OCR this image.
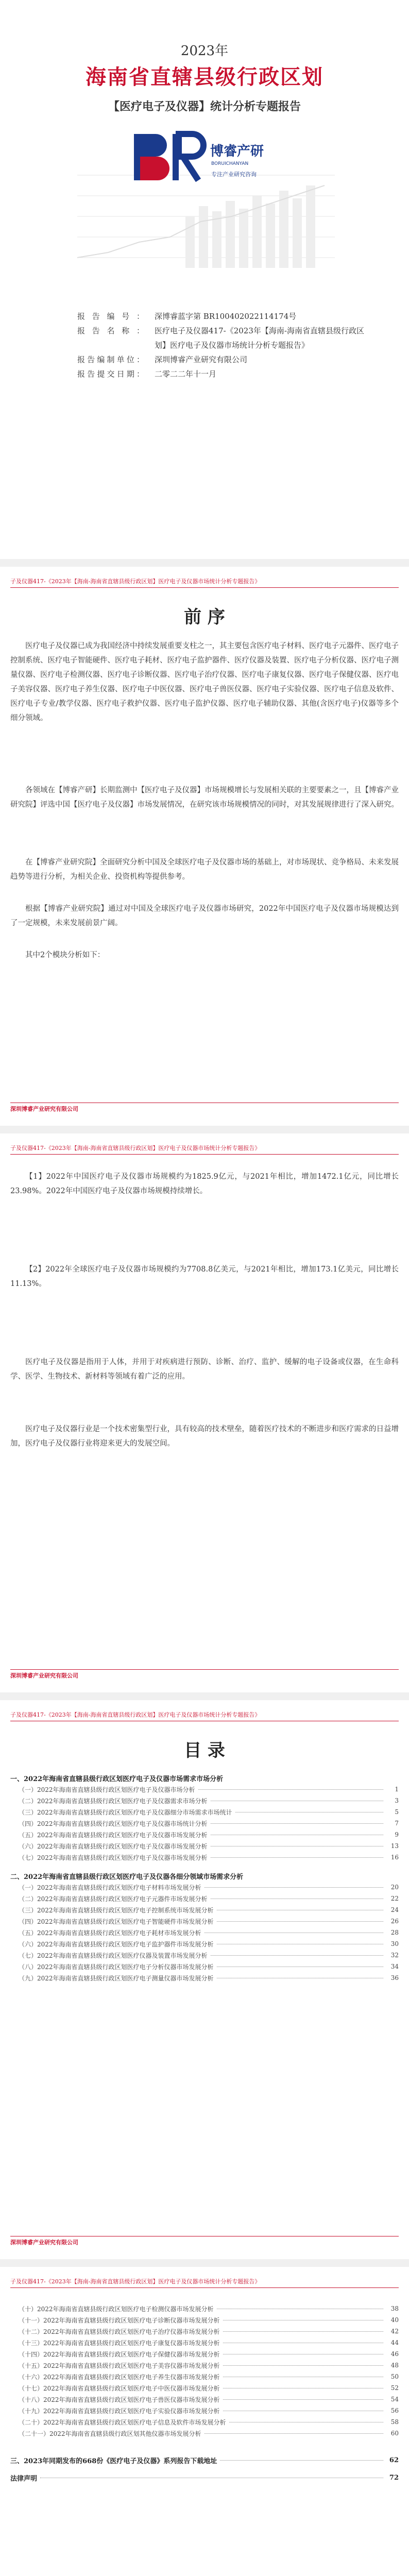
2023年
海南省直辖县级行政区划
【医疗电子及仪器】统计分析专题报告
博睿产研
BORUICHANYAN
专注产业研究咨询
报告编号： 深博睿蓝字第 BR100402022114174号
报告名称： 医疗电子及仪器417-《2023年【海南-海南省直辖县级行政区划】医疗电子及仪器市场统计分析专题报告》
报告编制单位： 深圳博睿产业研究有限公司
报告提交日期： 二零二二年十一月
子及仪器417-《2023年【海南-海南省直辖县级行政区划】医疗电子及仪器市场统计分析专题报告》
前 序
医疗电子及仪器已成为我国经济中持续发展重要支柱之一，其主要包含医疗电子材料、医疗电子元器件、医疗电子控制系统、医疗电子智能硬件、医疗电子耗材、医疗电子监护器件、医疗仪器及装置、医疗电子分析仪器、医疗电子测量仪器、医疗电子检测仪器、医疗电子诊断仪器、医疗电子治疗仪器、医疗电子康复仪器、医疗电子保健仪器、医疗电子美容仪器、医疗电子养生仪器、医疗电子中医仪器、医疗电子兽医仪器、医疗电子实验仪器、医疗电子信息及软件、医疗电子专业/教学仪器、医疗电子救护仪器、医疗电子监护仪器、医疗电子辅助仪器、其他(含医疗电子)仪器等多个细分领域。
各领域在【博睿产研】长期监测中【医疗电子及仪器】市场规模增长与发展相关联的主要要素之一，且【博睿产业研究院】评选中国【医疗电子及仪器】市场发展情况，在研究该市场规模情况的同时，对其发展规律进行了深入研究。
在【博睿产业研究院】全面研究分析中国及全球医疗电子及仪器市场的基础上，对市场现状、竞争格局、未来发展趋势等进行分析，为相关企业、投资机构等提供参考。
根据【博睿产业研究院】通过对中国及全球医疗电子及仪器市场研究，2022年中国医疗电子及仪器市场规模达到了一定规模，未来发展前景广阔。
其中2个模块分析如下：
深圳博睿产业研究有限公司
子及仪器417-《2023年【海南-海南省直辖县级行政区划】医疗电子及仪器市场统计分析专题报告》
【1】2022年中国医疗电子及仪器市场规模约为1825.9亿元，与2021年相比，增加1472.1亿元，同比增长23.98%。2022年中国医疗电子及仪器市场规模持续增长。
【2】2022年全球医疗电子及仪器市场规模约为7708.8亿美元，与2021年相比，增加173.1亿美元，同比增长11.13%。
医疗电子及仪器是指用于人体，并用于对疾病进行预防、诊断、治疗、监护、缓解的电子设备或仪器，在生命科学、医学、生物技术、新材料等领域有着广泛的应用。
医疗电子及仪器行业是一个技术密集型行业，具有较高的技术壁垒，随着医疗技术的不断进步和医疗需求的日益增加，医疗电子及仪器行业将迎来更大的发展空间。
深圳博睿产业研究有限公司
子及仪器417-《2023年【海南-海南省直辖县级行政区划】医疗电子及仪器市场统计分析专题报告》
目 录
一、2022年海南省直辖县级行政区划医疗电子及仪器市场需求市场分析
（一）2022年海南省直辖县级行政区划医疗电子及仪器市场分析	1
（二）2022年海南省直辖县级行政区划医疗电子及仪器需求市场分析	3
（三）2022年海南省直辖县级行政区划医疗电子及仪器细分市场需求市场统计	5
（四）2022年海南省直辖县级行政区划医疗电子及仪器市场统计分析	7
（五）2022年海南省直辖县级行政区划医疗电子及仪器市场发展分析	9
（六）2022年海南省直辖县级行政区划医疗电子及仪器市场发展分析	13
（七）2022年海南省直辖县级行政区划医疗电子及仪器市场发展分析	16
二、2022年海南省直辖县级行政区划医疗电子及仪器各细分领域市场需求分析
（一）2022年海南省直辖县级行政区划医疗电子材料市场发展分析	20
（二）2022年海南省直辖县级行政区划医疗电子元器件市场发展分析	22
（三）2022年海南省直辖县级行政区划医疗电子控制系统市场发展分析	24
（四）2022年海南省直辖县级行政区划医疗电子智能硬件市场发展分析	26
（五）2022年海南省直辖县级行政区划医疗电子耗材市场发展分析	28
（六）2022年海南省直辖县级行政区划医疗电子监护器件市场发展分析	30
（七）2022年海南省直辖县级行政区划医疗仪器及装置市场发展分析	32
（八）2022年海南省直辖县级行政区划医疗电子分析仪器市场发展分析	34
（九）2022年海南省直辖县级行政区划医疗电子测量仪器市场发展分析	36
深圳博睿产业研究有限公司
子及仪器417-《2023年【海南-海南省直辖县级行政区划】医疗电子及仪器市场统计分析专题报告》
（十）2022年海南省直辖县级行政区划医疗电子检测仪器市场发展分析	38
（十一）2022年海南省直辖县级行政区划医疗电子诊断仪器市场发展分析	40
（十二）2022年海南省直辖县级行政区划医疗电子治疗仪器市场发展分析	42
（十三）2022年海南省直辖县级行政区划医疗电子康复仪器市场发展分析	44
（十四）2022年海南省直辖县级行政区划医疗电子保健仪器市场发展分析	46
（十五）2022年海南省直辖县级行政区划医疗电子美容仪器市场发展分析	48
（十六）2022年海南省直辖县级行政区划医疗电子养生仪器市场发展分析	50
（十七）2022年海南省直辖县级行政区划医疗电子中医仪器市场发展分析	52
（十八）2022年海南省直辖县级行政区划医疗电子兽医仪器市场发展分析	54
（十九）2022年海南省直辖县级行政区划医疗电子实验仪器市场发展分析	56
（二十）2022年海南省直辖县级行政区划医疗电子信息及软件市场发展分析	58
（二十一）2022年海南省直辖县级行政区划其他仪器市场发展分析	60
三、2023年同期发布的668份《医疗电子及仪器》系列报告下载地址	62
法律声明	72
